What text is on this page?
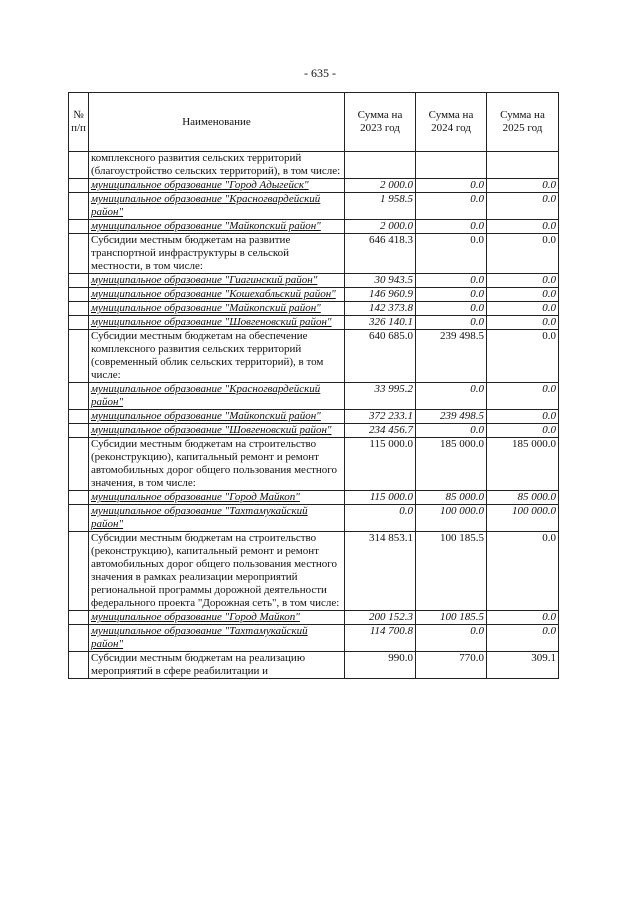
- 635 -
№ п/п	Наименование	Сумма на 2023 год	Сумма на 2024 год	Сумма на 2025 год
	комплексного развития сельских территорий (благоустройство сельских территорий), в том числе:			
	муниципальное образование "Город Адыгейск"	2 000.0	0.0	0.0
	муниципальное образование "Красногвардейский район"	1 958.5	0.0	0.0
	муниципальное образование "Майкопский район"	2 000.0	0.0	0.0
	Субсидии местным бюджетам на развитие транспортной инфраструктуры в сельской местности, в том числе:	646 418.3	0.0	0.0
	муниципальное образование "Гиагинский район"	30 943.5	0.0	0.0
	муниципальное образование "Кошехабльский район"	146 960.9	0.0	0.0
	муниципальное образование "Майкопский район"	142 373.8	0.0	0.0
	муниципальное образование "Шовгеновский район"	326 140.1	0.0	0.0
	Субсидии местным бюджетам на обеспечение комплексного развития сельских территорий (современный облик сельских территорий), в том числе:	640 685.0	239 498.5	0.0
	муниципальное образование "Красногвардейский район"	33 995.2	0.0	0.0
	муниципальное образование "Майкопский район"	372 233.1	239 498.5	0.0
	муниципальное образование "Шовгеновский район"	234 456.7	0.0	0.0
	Субсидии местным бюджетам на строительство (реконструкцию), капитальный ремонт и ремонт автомобильных дорог общего пользования местного значения, в том числе:	115 000.0	185 000.0	185 000.0
	муниципальное образование "Город Майкоп"	115 000.0	85 000.0	85 000.0
	муниципальное образование "Тахтамукайский район"	0.0	100 000.0	100 000.0
	Субсидии местным бюджетам на строительство (реконструкцию), капитальный ремонт и ремонт автомобильных дорог общего пользования местного значения в рамках реализации мероприятий региональной программы дорожной деятельности федерального проекта "Дорожная сеть", в том числе:	314 853.1	100 185.5	0.0
	муниципальное образование "Город Майкоп"	200 152.3	100 185.5	0.0
	муниципальное образование "Тахтамукайский район"	114 700.8	0.0	0.0
	Субсидии местным бюджетам на реализацию мероприятий в сфере реабилитации и	990.0	770.0	309.1
